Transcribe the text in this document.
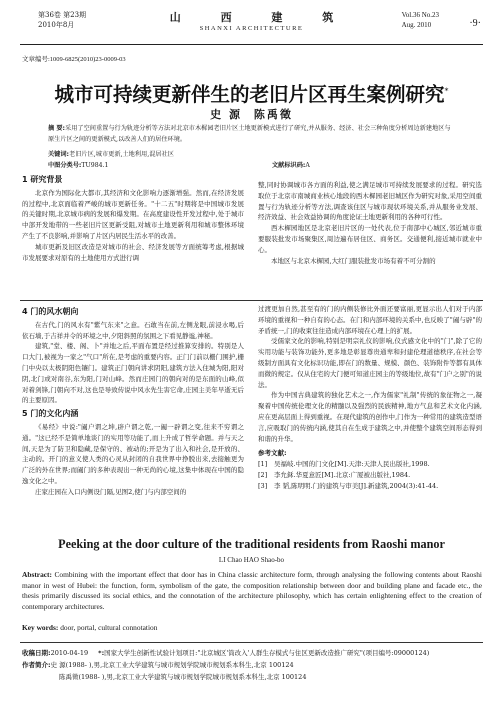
第36卷 第23期
2010年8月
山 西 建 筑
SHANXI ARCHITECTURE
Vol.36 No.23
Aug. 2010	·9·
文章编号:1009-6825(2010)23-0009-03
城市可持续更新伴生的老旧片区再生案例研究*
史 源 陈禹徵
摘 要:采用了空间重置与行为轨迹分析等方法对北京市木樨园老旧片区土地更新模式进行了研究,并从服务、经济、社会三种角度分析周边新建地区与原生片区之间的更新模式,以改善人们的居住环境。
关键词:老旧片区,城市更新,土地利用,混居社区
中图分类号:TU984.1	文献标识码:A
1 研究背景

北京作为国际化大都市,其经济和文化影响力逐渐增强。然而,在经济发展的过程中,北京面临着严峻的城市更新任务。"十二五"时期将是中国城市发展的关键时期,北京城市病的发展和爆发期。在高度建设性开发过程中,处于城市中部开发地带的一些老旧片区更新受阻,对城市土地更新利用和城市整体环境产生了不良影响,并影响了片区内居民生活水平的改善。

城市更新及旧区改造是对城市的社会、经济发展等方面统筹考虑,根据城市发展要求对原有的土地使用方式进行调

整,同时协调城市各方面的利益,使之满足城市可持续发展要求的过程。研究选取位于北京市南城商业核心地段的西木樨园老旧城区作为研究对象,采用空间重置与行为轨迹分析等方法,调查该住区与城市现状环境关系,并从服务业发展、经济效益、社会效益协调的角度论证土地更新利用的各种可行性。

西木樨园地区是北京老旧片区的一处代表,位于南部中心城区,邻近城市重要服装批发市场聚集区,周边遍布居住区、商务区。交通便利,接近城市就业中心。

本地区与北京木樨园,大红门服装批发市场有着不可分割的

4 门的风水朝向

在古代,门的风水有"紫气东来"之意。石敢当在前,左侧龙眼,前浸水喝,后依石墙,于吉祥并令的环境之中,夕阳斜照的氛围之下看见静谧,神秘。

建筑,"堂、楼、阁、卜"并地之后,平面布置是经过推算安排的。特别是人口大门,被视为一家之"气口"所在,是考虑的重要内容。正门门前以栅门围护,栅门中央以太极阴阳色镶门。建筑正门朝向讲求阴阳,建筑方法入住城为阳,阳对阴,北门或对南谷,东为阳,门对山峰。然而庄园门的朝向对的是东面的山峰,似对着剑锋,门朝向不对,这也是导致传说中风水先生害它命,庄园主美年早逝无后的主要原因。

5 门的文化内涵

《易经》中说:"阖户谓之坤,辟户谓之乾,一阖一辟谓之变,往来不穷谓之通。"这已经不是简单地谈门的实用等功能了,而上升成了哲学命题。并与天之间,天是为了防卫和隐藏,是保守的、被动的;开是为了出入和社会,是开放的、主动的。开门的意义使人类的心灵从封闭的自我世界中挣脱出来,去接触更为广泛的外在世界;而阖门的多种表现出一种无尚的心境,这集中体现在中国的隐逸文化之中。

庄家庄园在入口内侧设门隔,见图2,使门与内部空间的

过渡更加自然,甚至有的门的内侧装修比外面还要富丽,更显示出人们对于内部环境的重视和一种自有的心态。在门和内部环境的关系中,也反映了"阖与辟"的矛盾统一,门的收束往往造成内部环境在心理上的扩展。

受儒家文化的影响,特别是明宗礼仪的影响,仪式感文化中的"门",除了它的实用功能与装饰功能外,更多地是彰显尊贵通卑和封建伦理道德秩序,在社会等级制方面具有文化标识功能,即在门的数量、规模、颜色、装饰附件等都有具体而微的规定。仅从住宅的大门便可知道庄园主的等级地位,故有"门户之别"的说法。

作为中国古典建筑的独化艺术之一,作为儒家"礼制"传统的象征物之一,凝聚着中国传统伦理文化的精髓以及强烈的民族精神,地方气息和艺术文化内涵,应在更高层面上得到重视。在现代建筑的创作中,门作为一种常用的建筑造型语言,应吸取门的传统内涵,使其自在生成于建筑之中,并使整个建筑空间形态得到和谐的升华。

参考文献:
[1]	吴福岐.中国的门文化[M].天津:天津人民出版社,1998.
[2]	李允鉌.华夏意匠[M].北京:广厦被出版社,1984.
[3]	李 韬,陈明明.门的建筑与审美[J].新建筑,2004(3):41-44.
Peeking at the door culture of the traditional residents from Raoshi manor
LI Chao HAO Shao-bo
Abstract: Combining with the important effect that door has in China classic architecture form, through analysing the following contents about Raoshi manor in west of Hubei: the function, form, symbolism of the gate, the composition relationship between door and building plane and facade etc., the thesis primarily discussed its social ethics, and the connotation of the architecture philosophy, which has certain enlightening effect to the creation of contemporary architectures.
Key words: door, portal, cultural connotation
收稿日期:2010-04-19 *:国家大学生创新性试验计划项目:"北京城区'筒改入'人群生存模式与住区更新改造推广研究"(项目编号:09000124)
作者简介:史 源(1988- ),男,北京工业大学建筑与城市规划学院城市规划系本科生,北京 100124
陈禹徵(1988- ),男,北京工业大学建筑与城市规划学院城市规划系本科生,北京 100124
